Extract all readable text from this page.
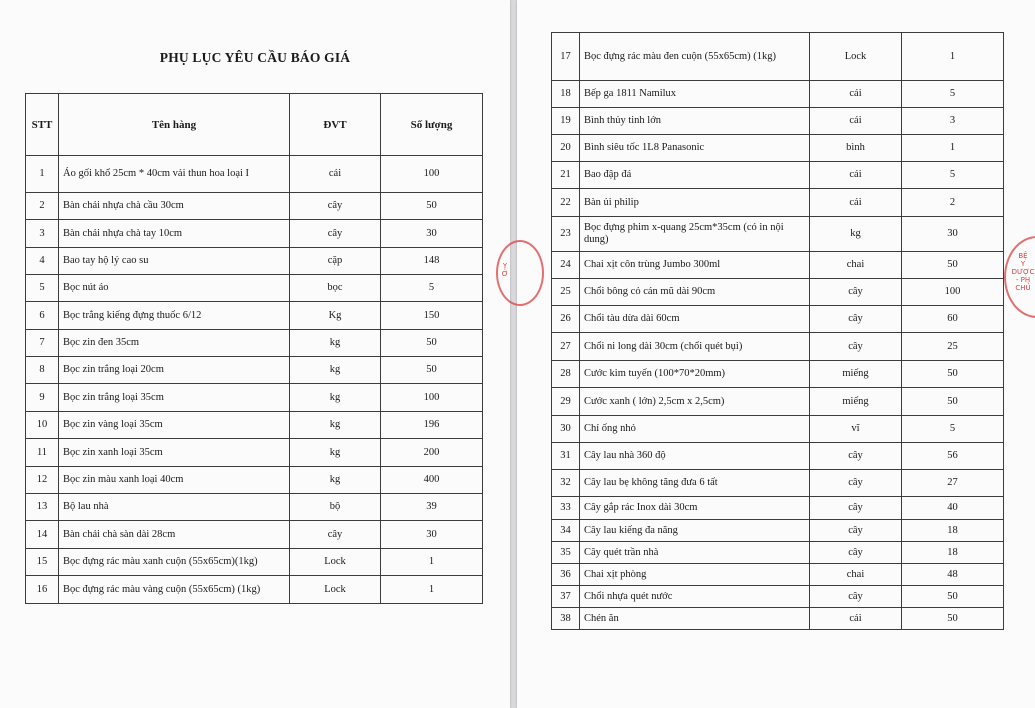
PHỤ LỤC YÊU CẦU BÁO GIÁ
STT	Tên hàng	ĐVT	Số lượng
1	Áo gối khổ 25cm * 40cm vải thun hoa loại I	cái	100
2	Bàn chải nhựa chà cầu 30cm	cây	50
3	Bàn chải nhựa chà tay 10cm	cây	30
4	Bao tay hộ lý cao su	cặp	148
5	Bọc nút áo	bọc	5
6	Bọc trắng kiếng đựng thuốc 6/12	Kg	150
7	Bọc zin đen 35cm	kg	50
8	Bọc zin trắng loại 20cm	kg	50
9	Bọc zin trắng loại 35cm	kg	100
10	Bọc zin vàng loại 35cm	kg	196
11	Bọc zin xanh loại 35cm	kg	200
12	Bọc zin màu xanh loại 40cm	kg	400
13	Bộ lau nhà	bộ	39
14	Bàn chải chà sàn dài 28cm	cây	30
15	Bọc đựng rác màu xanh cuộn (55x65cm)(1kg)	Lock	1
16	Bọc đựng rác màu vàng cuộn (55x65cm) (1kg)	Lock	1
17	Bọc đựng rác màu đen cuộn (55x65cm) (1kg)	Lock	1
18	Bếp ga 1811 Namilux	cái	5
19	Bình thủy tinh lớn	cái	3
20	Bình siêu tốc 1L8 Panasonic	bình	1
21	Bao đập đá	cái	5
22	Bàn ủi philip	cái	2
23	Bọc đựng phim x-quang 25cm*35cm (có in nội dung)	kg	30
24	Chai xịt côn trùng Jumbo 300ml	chai	50
25	Chổi bông cỏ cán mũ dài 90cm	cây	100
26	Chổi tàu dừa dài 60cm	cây	60
27	Chổi ni long dài 30cm (chổi quét bụi)	cây	25
28	Cước kim tuyến (100*70*20mm)	miếng	50
29	Cước xanh ( lớn) 2,5cm x 2,5cm)	miếng	50
30	Chỉ ống nhỏ	vĩ	5
31	Cây lau nhà 360 độ	cây	56
32	Cây lau bẹ không tăng đưa 6 tất	cây	27
33	Cây gắp rác Inox dài 30cm	cây	40
34	Cây lau kiếng đa năng	cây	18
35	Cây quét trần nhà	cây	18
36	Chai xịt phòng	chai	48
37	Chổi nhựa quét nước	cây	50
38	Chén ăn	cái	50
BỆ
Y DƯỢC
- PH
CHỦ
Y
Ở
